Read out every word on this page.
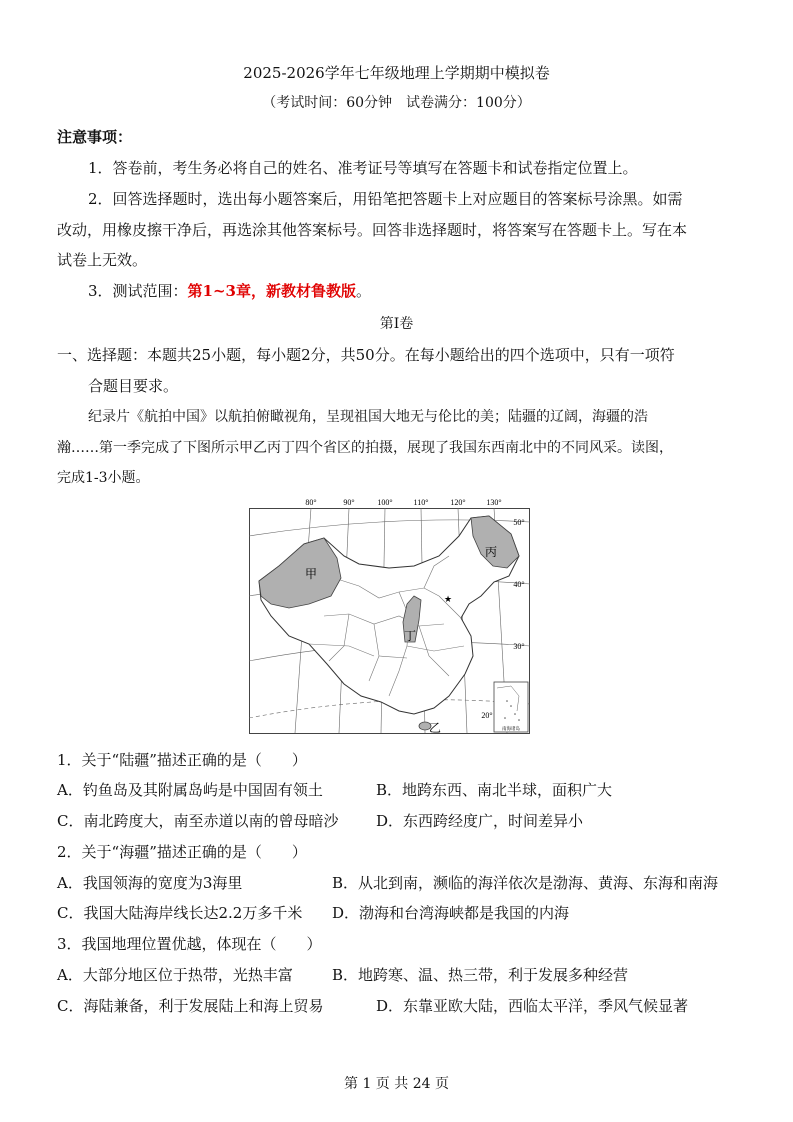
2025-2026学年七年级地理上学期期中模拟卷
（考试时间：60分钟　试卷满分：100分）
注意事项：
1．答卷前，考生务必将自己的姓名、准考证号等填写在答题卡和试卷指定位置上。
2．回答选择题时，选出每小题答案后，用铅笔把答题卡上对应题目的答案标号涂黑。如需
改动，用橡皮擦干净后，再选涂其他答案标号。回答非选择题时，将答案写在答题卡上。写在本
试卷上无效。
3．测试范围：第1~3章，新教材鲁教版。
第Ⅰ卷
一、选择题：本题共25小题，每小题2分，共50分。在每小题给出的四个选项中，只有一项符
合题目要求。
纪录片《航拍中国》以航拍俯瞰视角，呈现祖国大地无与伦比的美；陆疆的辽阔，海疆的浩
瀚……第一季完成了下图所示甲乙丙丁四个省区的拍摄，展现了我国东西南北中的不同风采。读图，
完成1-3小题。
80°	90°	100°	110°	120°	130°
50°
40°
30°
20°
甲
丙
丁
乙
★
南海诸岛
1．关于“陆疆”描述正确的是（　　）
A．钓鱼岛及其附属岛屿是中国固有领土	B．地跨东西、南北半球，面积广大
C．南北跨度大，南至赤道以南的曾母暗沙	D．东西跨经度广，时间差异小
2．关于“海疆”描述正确的是（　　）
A．我国领海的宽度为3海里	B．从北到南，濒临的海洋依次是渤海、黄海、东海和南海
C．我国大陆海岸线长达2.2万多千米 D．渤海和台湾海峡都是我国的内海
3．我国地理位置优越，体现在（　　）
A．大部分地区位于热带，光热丰富	B．地跨寒、温、热三带，利于发展多种经营
C．海陆兼备，利于发展陆上和海上贸易	D．东靠亚欧大陆，西临太平洋，季风气候显著
第 1 页 共 24 页
